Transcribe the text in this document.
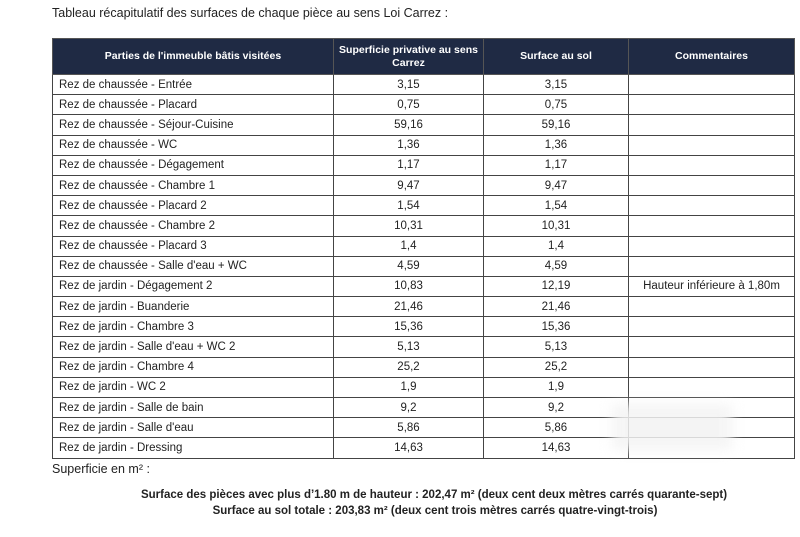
Tableau récapitulatif des surfaces de chaque pièce au sens Loi Carrez :
Parties de l'immeuble bâtis visitées	Superficie privative au sens Carrez	Surface au sol	Commentaires
Rez de chaussée - Entrée	3,15	3,15	
Rez de chaussée - Placard	0,75	0,75	
Rez de chaussée - Séjour-Cuisine	59,16	59,16	
Rez de chaussée - WC	1,36	1,36	
Rez de chaussée - Dégagement	1,17	1,17	
Rez de chaussée - Chambre 1	9,47	9,47	
Rez de chaussée - Placard 2	1,54	1,54	
Rez de chaussée - Chambre 2	10,31	10,31	
Rez de chaussée - Placard 3	1,4	1,4	
Rez de chaussée - Salle d'eau + WC	4,59	4,59	
Rez de jardin - Dégagement 2	10,83	12,19	Hauteur inférieure à 1,80m
Rez de jardin - Buanderie	21,46	21,46	
Rez de jardin - Chambre 3	15,36	15,36	
Rez de jardin - Salle d'eau + WC 2	5,13	5,13	
Rez de jardin - Chambre 4	25,2	25,2	
Rez de jardin - WC 2	1,9	1,9	
Rez de jardin - Salle de bain	9,2	9,2	
Rez de jardin - Salle d'eau	5,86	5,86	
Rez de jardin - Dressing	14,63	14,63	
Superficie en m² :
Surface des pièces avec plus d’1.80 m de hauteur : 202,47 m² (deux cent deux mètres carrés quarante-sept)
Surface au sol totale : 203,83 m² (deux cent trois mètres carrés quatre-vingt-trois)
